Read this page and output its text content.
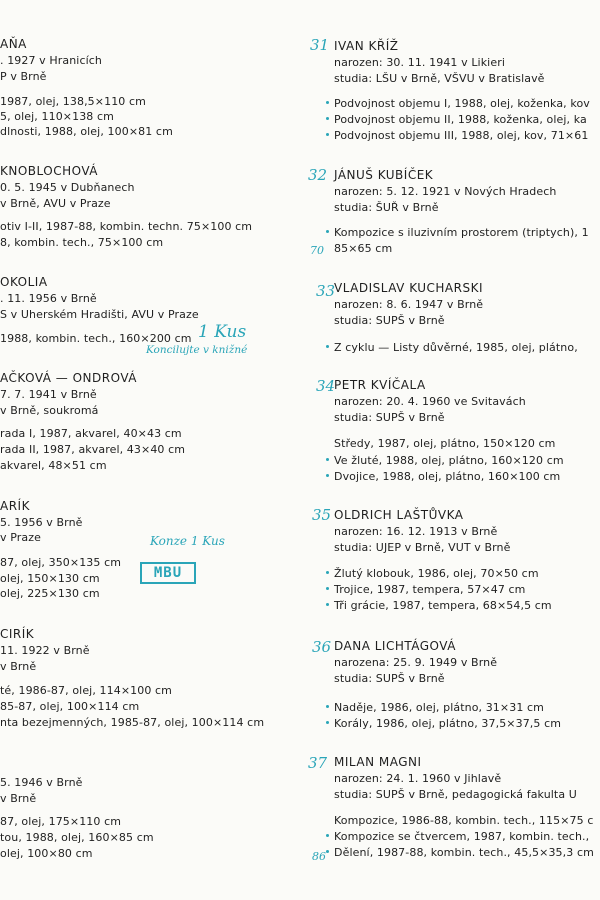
AŇA
. 1927 v Hranicích
P v Brně
1987, olej, 138,5×110 cm
5, olej, 110×138 cm
dlnosti, 1988, olej, 100×81 cm
KNOBLOCHOVÁ
0. 5. 1945 v Dubňanech
v Brně, AVU v Praze
otiv I-II, 1987-88, kombin. techn. 75×100 cm
8, kombin. tech., 75×100 cm
OKOLIA
. 11. 1956 v Brně
S v Uherském Hradišti, AVU v Praze
1988, kombin. tech., 160×200 cm 1 Kus
Koncilujte v knižné
AČKOVÁ — ONDROVÁ
7. 7. 1941 v Brně
v Brně, soukromá
rada I, 1987, akvarel, 40×43 cm
rada II, 1987, akvarel, 43×40 cm
akvarel, 48×51 cm
ARÍK
5. 1956 v Brně
v Praze
87, olej, 350×135 cm
olej, 150×130 cm
olej, 225×130 cm
Konze 1 Kus
MBU
CIRÍK
11. 1922 v Brně
v Brně
té, 1986-87, olej, 114×100 cm
85-87, olej, 100×114 cm
nta bezejmenných, 1985-87, olej, 100×114 cm
5. 1946 v Brně
v Brně
87, olej, 175×110 cm
tou, 1988, olej, 160×85 cm
olej, 100×80 cm
31 IVAN KŘÍŽ
narozen: 30. 11. 1941 v Likieri
studia: LŠU v Brně, VŠVU v Bratislavě
Podvojnost objemu I, 1988, olej, koženka, kov
Podvojnost objemu II, 1988, koženka, olej, ka
Podvojnost objemu III, 1988, olej, kov, 71×61
32 JÁNUŠ KUBÍČEK
narozen: 5. 12. 1921 v Nových Hradech
studia: ŠUŘ v Brně
Kompozice s iluzivním prostorem (triptych), 1
85×65 cm
70
33
VLADISLAV KUCHARSKI
narozen: 8. 6. 1947 v Brně
studia: SUPŠ v Brně
Z cyklu — Listy důvěrné, 1985, olej, plátno,
34
PETR KVÍČALA
narozen: 20. 4. 1960 ve Svitavách
studia: SUPŠ v Brně
Středy, 1987, olej, plátno, 150×120 cm
Ve žluté, 1988, olej, plátno, 160×120 cm
Dvojice, 1988, olej, plátno, 160×100 cm
35 OLDRICH LAŠTŮVKA
narozen: 16. 12. 1913 v Brně
studia: UJEP v Brně, VUT v Brně
Žlutý klobouk, 1986, olej, 70×50 cm
Trojice, 1987, tempera, 57×47 cm
Tři grácie, 1987, tempera, 68×54,5 cm
36 DANA LICHTÁGOVÁ
narozena: 25. 9. 1949 v Brně
studia: SUPŠ v Brně
Naděje, 1986, olej, plátno, 31×31 cm
Korály, 1986, olej, plátno, 37,5×37,5 cm
37 MILAN MAGNI
narozen: 24. 1. 1960 v Jihlavě
studia: SUPŠ v Brně, pedagogická fakulta U
Kompozice, 1986-88, kombin. tech., 115×75 c
Kompozice se čtvercem, 1987, kombin. tech.,
Dělení, 1987-88, kombin. tech., 45,5×35,3 cm
86
